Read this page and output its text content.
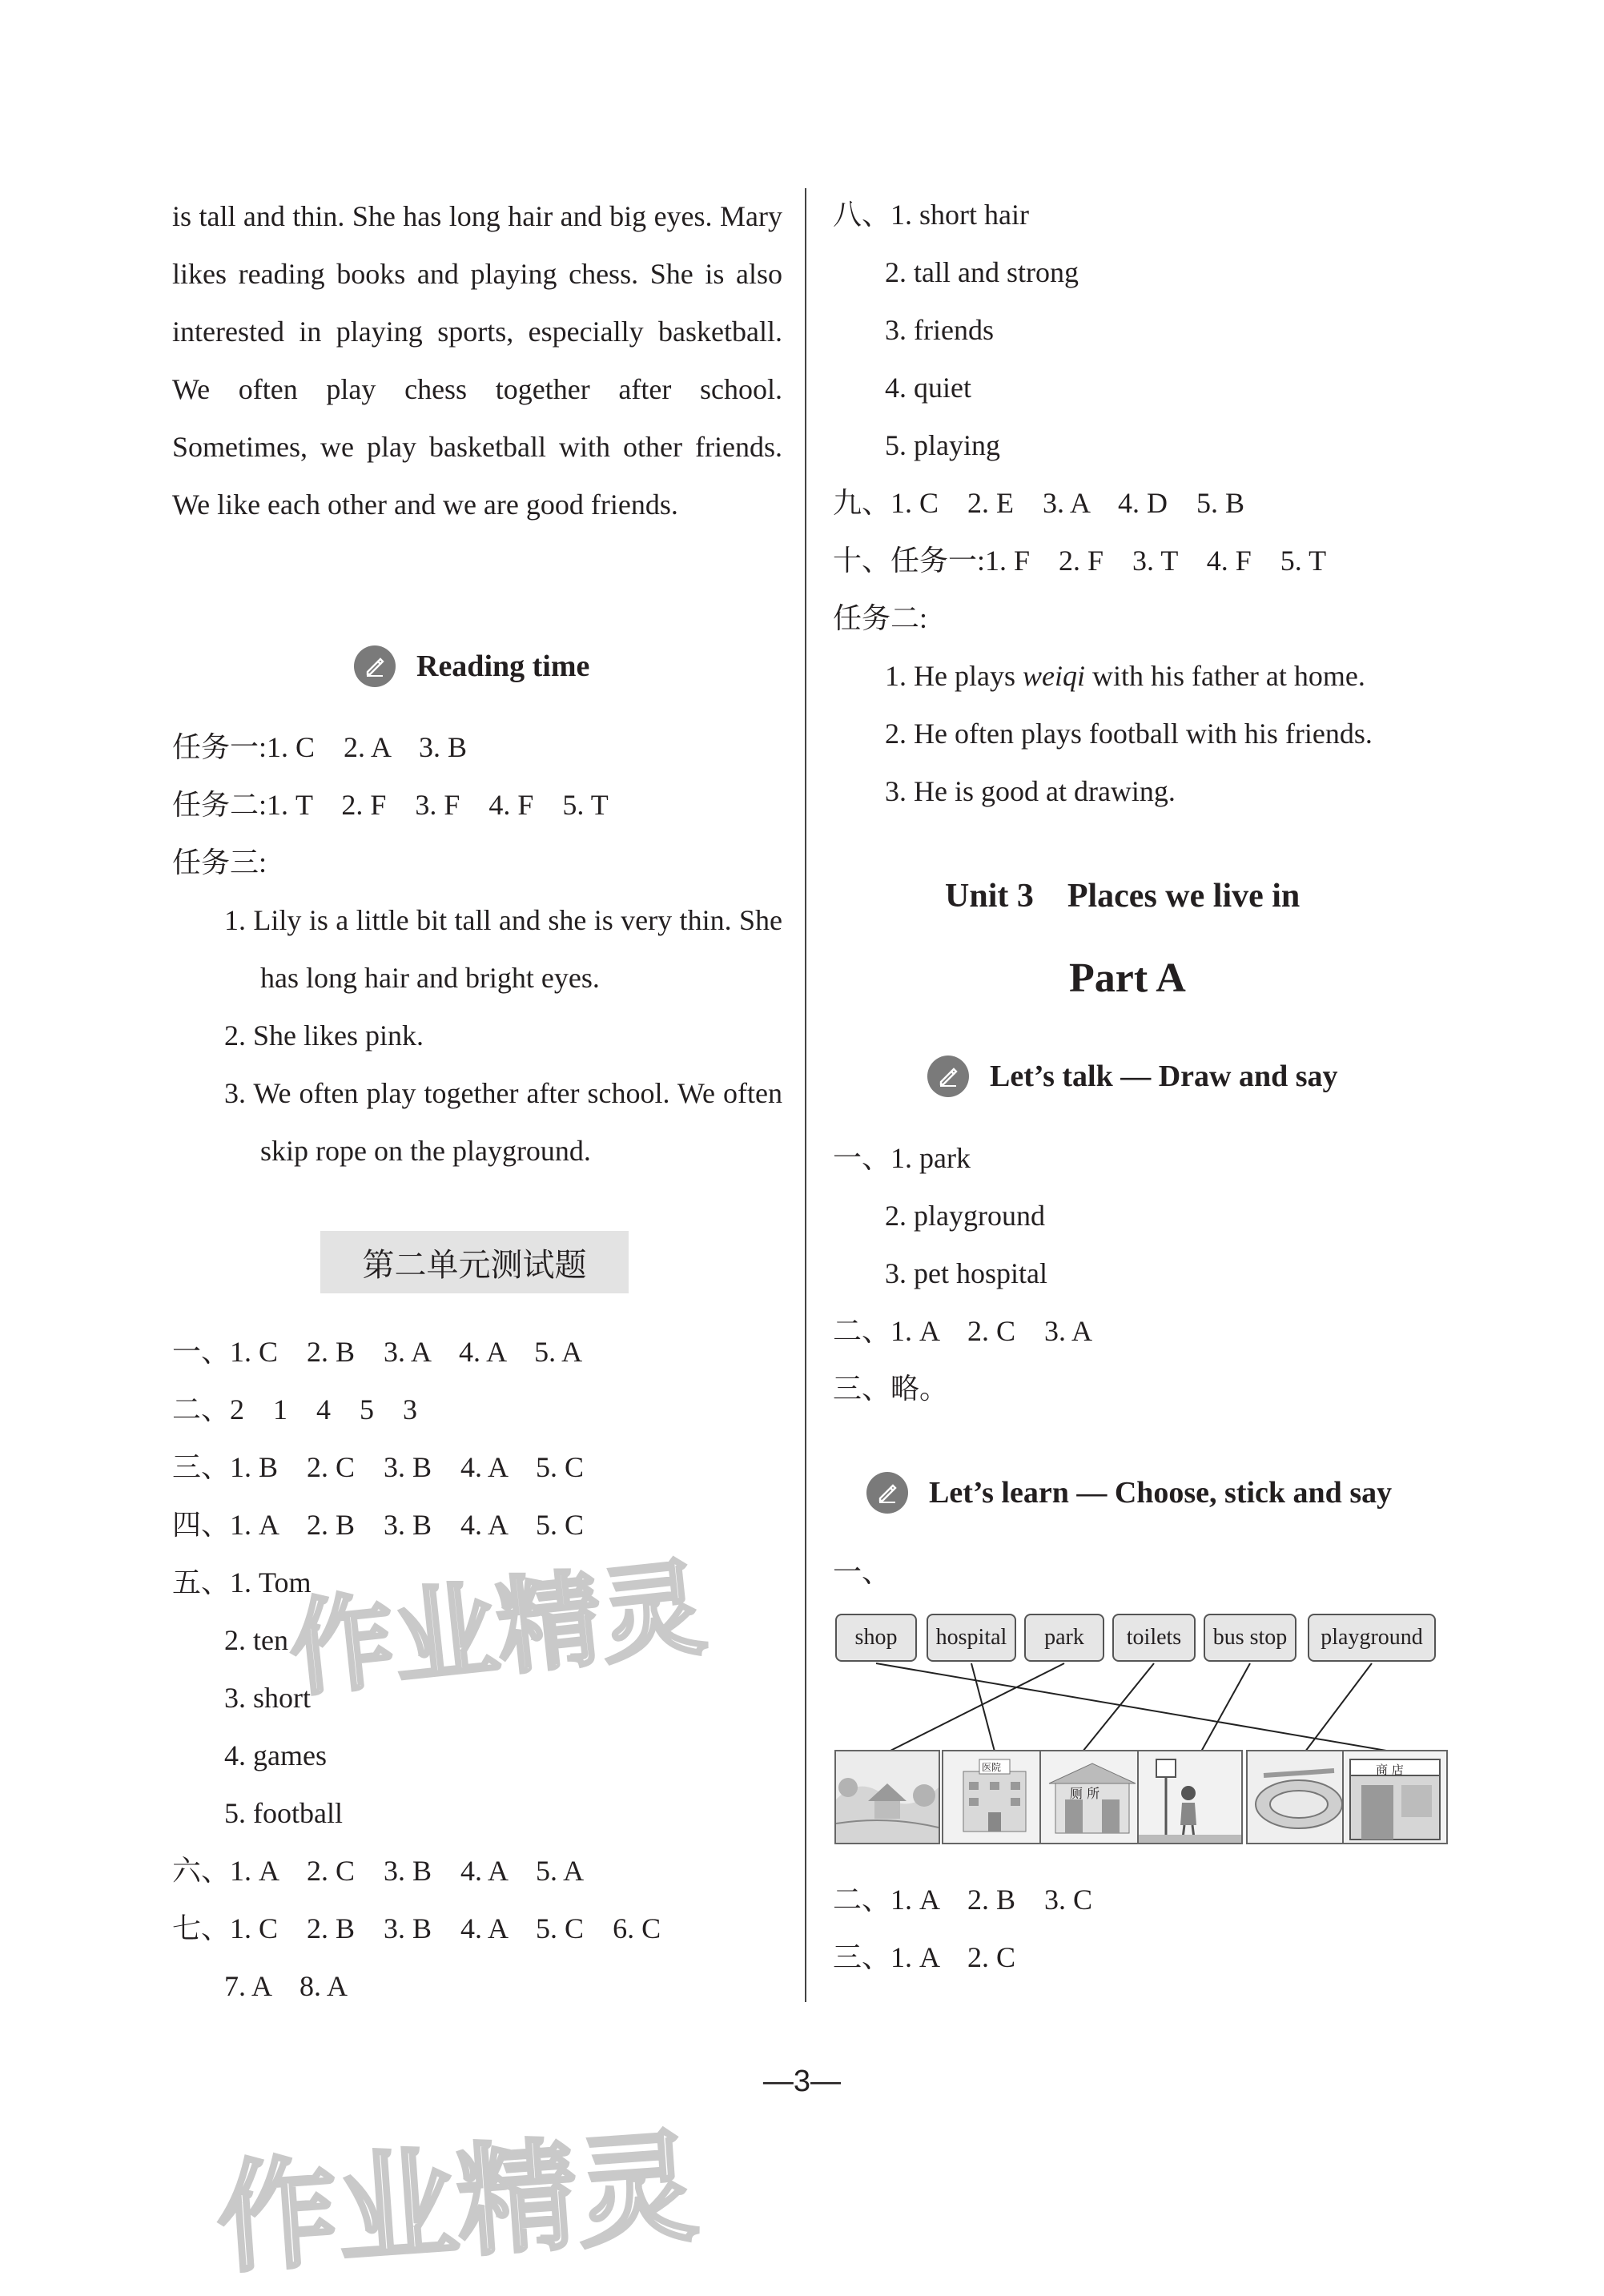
is tall and thin. She has long hair and big eyes. Mary likes reading books and playing chess. She is also interested in playing sports, especially basketball. We often play chess together after school. Sometimes, we play basketball with other friends. We like each other and we are good friends.
Reading time
任务一:1. C　2. A　3. B
任务二:1. T　2. F　3. F　4. F　5. T
任务三:
1. Lily is a little bit tall and she is very thin. She has long hair and bright eyes.
2. She likes pink.
3. We often play together after school. We often skip rope on the playground.
第二单元测试题
一、1. C　2. B　3. A　4. A　5. A
二、2　1　4　5　3
三、1. B　2. C　3. B　4. A　5. C
四、1. A　2. B　3. B　4. A　5. C
五、1. Tom
2. ten
3. short
4. games
5. football
六、1. A　2. C　3. B　4. A　5. A
七、1. C　2. B　3. B　4. A　5. C　6. C
7. A　8. A
八、1. short hair
2. tall and strong
3. friends
4. quiet
5. playing
九、1. C　2. E　3. A　4. D　5. B
十、任务一:1. F　2. F　3. T　4. F　5. T
任务二:
1. He plays weiqi with his father at home.
2. He often plays football with his friends.
3. He is good at drawing.
Unit 3　Places we live in
Part A
Let’s talk — Draw and say
一、1. park
2. playground
3. pet hospital
二、1. A　2. C　3. A
三、略。
Let’s learn — Choose, stick and say
一、
shop	hospital	park	toilets	bus stop	playground
医院
厕 所
商 店
二、1. A　2. B　3. C
三、1. A　2. C
—3—
作业精灵
作业精灵
